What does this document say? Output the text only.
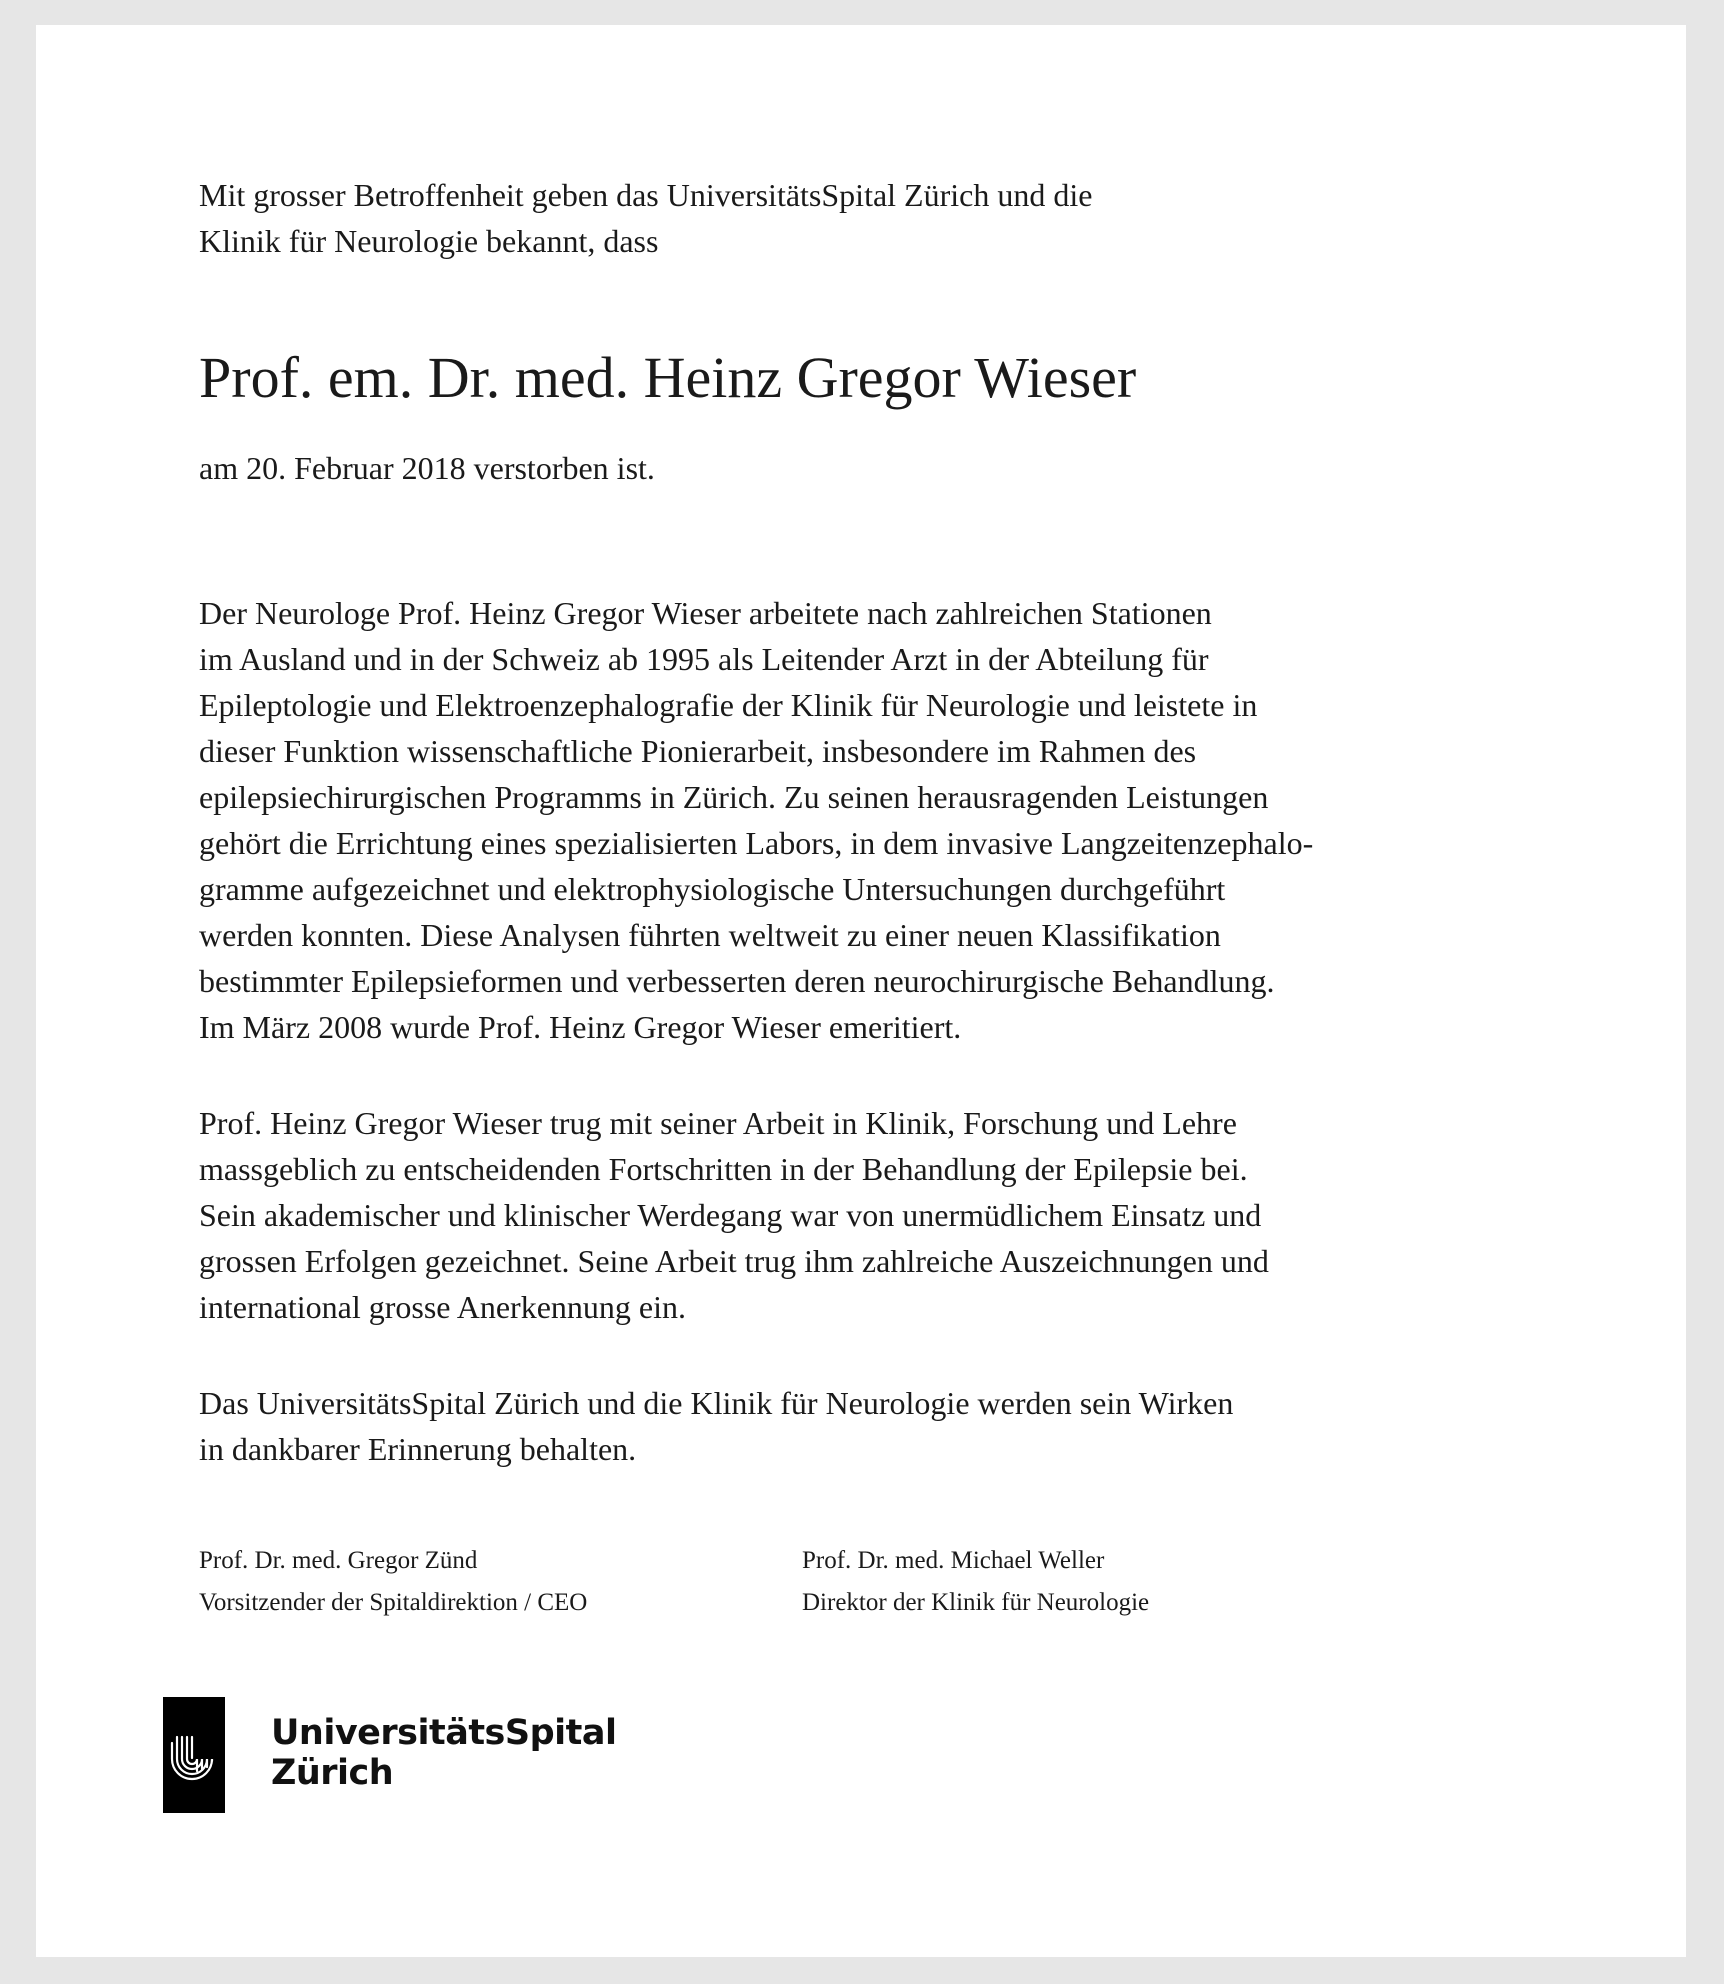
Mit grosser Betroffenheit geben das UniversitätsSpital Zürich und die
Klinik für Neurologie bekannt, dass
Prof. em. Dr. med. Heinz Gregor Wieser
am 20. Februar 2018 verstorben ist.
Der Neurologe Prof. Heinz Gregor Wieser arbeitete nach zahlreichen Stationen
im Ausland und in der Schweiz ab 1995 als Leitender Arzt in der Abteilung für
Epileptologie und Elektroenzephalografie der Klinik für Neurologie und leistete in
dieser Funktion wissenschaftliche Pionierarbeit, insbesondere im Rahmen des
epilepsiechirurgischen Programms in Zürich. Zu seinen herausragenden Leistungen
gehört die Errichtung eines spezialisierten Labors, in dem invasive Langzeitenzephalo-
gramme aufgezeichnet und elektrophysiologische Untersuchungen durchgeführt
werden konnten. Diese Analysen führten weltweit zu einer neuen Klassifikation
bestimmter Epilepsieformen und verbesserten deren neurochirurgische Behandlung.
Im März 2008 wurde Prof. Heinz Gregor Wieser emeritiert.
Prof. Heinz Gregor Wieser trug mit seiner Arbeit in Klinik, Forschung und Lehre
massgeblich zu entscheidenden Fortschritten in der Behandlung der Epilepsie bei.
Sein akademischer und klinischer Werdegang war von unermüdlichem Einsatz und
grossen Erfolgen gezeichnet. Seine Arbeit trug ihm zahlreiche Auszeichnungen und
international grosse Anerkennung ein.
Das UniversitätsSpital Zürich und die Klinik für Neurologie werden sein Wirken
in dankbarer Erinnerung behalten.
Prof. Dr. med. Gregor Zünd
Vorsitzender der Spitaldirektion / CEO
Prof. Dr. med. Michael Weller
Direktor der Klinik für Neurologie
UniversitätsSpital
Zürich
